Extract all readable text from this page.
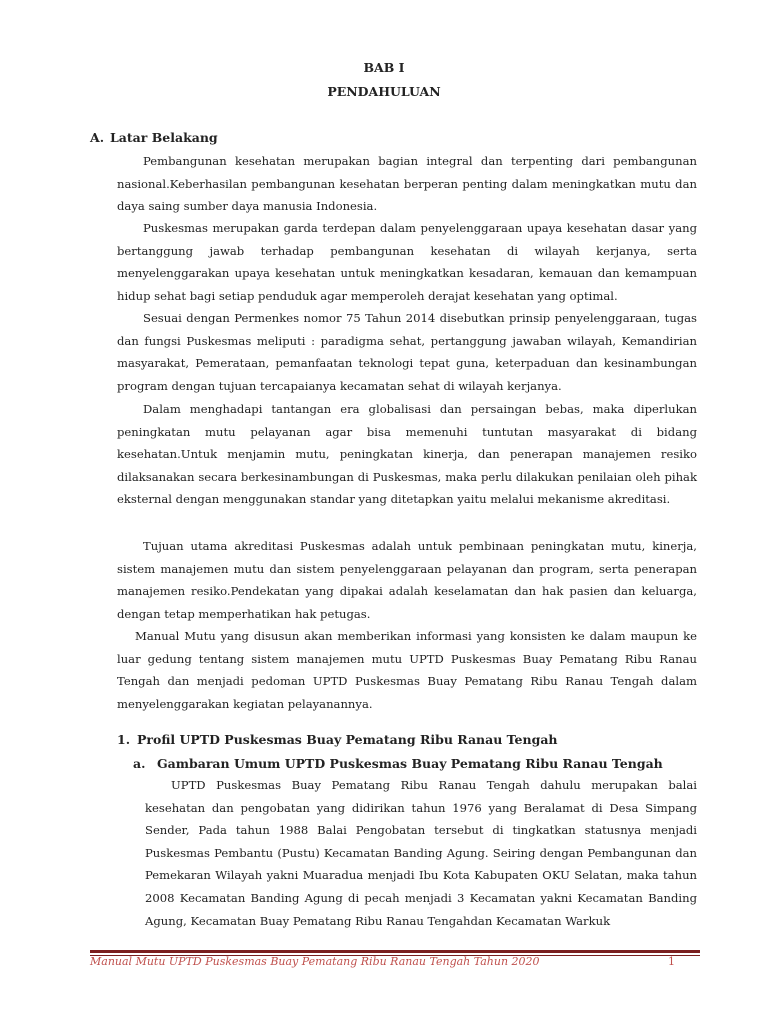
BAB I
PENDAHULUAN
A. Latar Belakang

Pembangunan kesehatan merupakan bagian integral dan terpenting dari pembangunan nasional.Keberhasilan pembangunan kesehatan berperan penting dalam meningkatkan mutu dan daya saing sumber daya manusia Indonesia.

Puskesmas merupakan garda terdepan dalam penyelenggaraan upaya kesehatan dasar yang bertanggung jawab terhadap pembangunan kesehatan di wilayah kerjanya, serta menyelenggarakan upaya kesehatan untuk meningkatkan kesadaran, kemauan dan kemampuan hidup sehat bagi setiap penduduk agar memperoleh derajat kesehatan yang optimal.

Sesuai dengan Permenkes nomor 75 Tahun 2014 disebutkan prinsip penyelenggaraan, tugas dan fungsi Puskesmas meliputi : paradigma sehat, pertanggung jawaban wilayah, Kemandirian masyarakat, Pemerataan, pemanfaatan teknologi tepat guna, keterpaduan dan kesinambungan program dengan tujuan tercapaianya kecamatan sehat di wilayah kerjanya.

Dalam menghadapi tantangan era globalisasi dan persaingan bebas, maka diperlukan peningkatan mutu pelayanan agar bisa memenuhi tuntutan masyarakat di bidang kesehatan.Untuk menjamin mutu, peningkatan kinerja, dan penerapan manajemen resiko dilaksanakan secara berkesinambungan di Puskesmas, maka perlu dilakukan penilaian oleh pihak eksternal dengan menggunakan standar yang ditetapkan yaitu melalui mekanisme akreditasi.

Tujuan utama akreditasi Puskesmas adalah untuk pembinaan peningkatan mutu, kinerja, sistem manajemen mutu dan sistem penyelenggaraan pelayanan dan program, serta penerapan manajemen resiko.Pendekatan yang dipakai adalah keselamatan dan hak pasien dan keluarga, dengan tetap memperhatikan hak petugas.

Manual Mutu yang disusun akan memberikan informasi yang konsisten ke dalam maupun ke luar gedung tentang sistem manajemen mutu UPTD Puskesmas Buay Pematang Ribu Ranau Tengah dan menjadi pedoman UPTD Puskesmas Buay Pematang Ribu Ranau Tengah dalam menyelenggarakan kegiatan pelayanannya.

1. Profil UPTD Puskesmas Buay Pematang Ribu Ranau Tengah
a. Gambaran Umum UPTD Puskesmas Buay Pematang Ribu Ranau Tengah

UPTD Puskesmas Buay Pematang Ribu Ranau Tengah dahulu merupakan balai kesehatan dan pengobatan yang didirikan tahun 1976 yang Beralamat di Desa Simpang Sender, Pada tahun 1988 Balai Pengobatan tersebut di tingkatkan statusnya menjadi Puskesmas Pembantu (Pustu) Kecamatan Banding Agung. Seiring dengan Pembangunan dan Pemekaran Wilayah yakni Muaradua menjadi Ibu Kota Kabupaten OKU Selatan, maka tahun 2008 Kecamatan Banding Agung di pecah menjadi 3 Kecamatan yakni Kecamatan Banding Agung, Kecamatan Buay Pematang Ribu Ranau Tengahdan Kecamatan Warkuk

Manual Mutu UPTD Puskesmas Buay Pematang Ribu Ranau Tengah Tahun 2020	1
